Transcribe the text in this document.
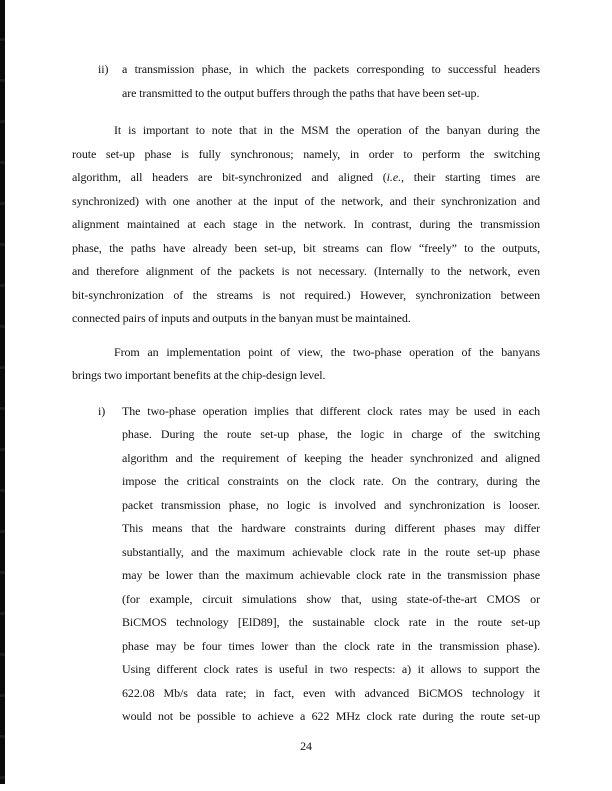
ii) a transmission phase, in which the packets corresponding to successful headers
are transmitted to the output buffers through the paths that have been set-up.
It is important to note that in the MSM the operation of the banyan during the
route set-up phase is fully synchronous; namely, in order to perform the switching
algorithm, all headers are bit-synchronized and aligned (i.e., their starting times are
synchronized) with one another at the input of the network, and their synchronization and
alignment maintained at each stage in the network. In contrast, during the transmission
phase, the paths have already been set-up, bit streams can flow “freely” to the outputs,
and therefore alignment of the packets is not necessary. (Internally to the network, even
bit-synchronization of the streams is not required.) However, synchronization between
connected pairs of inputs and outputs in the banyan must be maintained.
From an implementation point of view, the two-phase operation of the banyans
brings two important benefits at the chip-design level.
i) The two-phase operation implies that different clock rates may be used in each
phase. During the route set-up phase, the logic in charge of the switching
algorithm and the requirement of keeping the header synchronized and aligned
impose the critical constraints on the clock rate. On the contrary, during the
packet transmission phase, no logic is involved and synchronization is looser.
This means that the hardware constraints during different phases may differ
substantially, and the maximum achievable clock rate in the route set-up phase
may be lower than the maximum achievable clock rate in the transmission phase
(for example, circuit simulations show that, using state-of-the-art CMOS or
BiCMOS technology [ElD89], the sustainable clock rate in the route set-up
phase may be four times lower than the clock rate in the transmission phase).
Using different clock rates is useful in two respects: a) it allows to support the
622.08 Mb/s data rate; in fact, even with advanced BiCMOS technology it
would not be possible to achieve a 622 MHz clock rate during the route set-up
24
